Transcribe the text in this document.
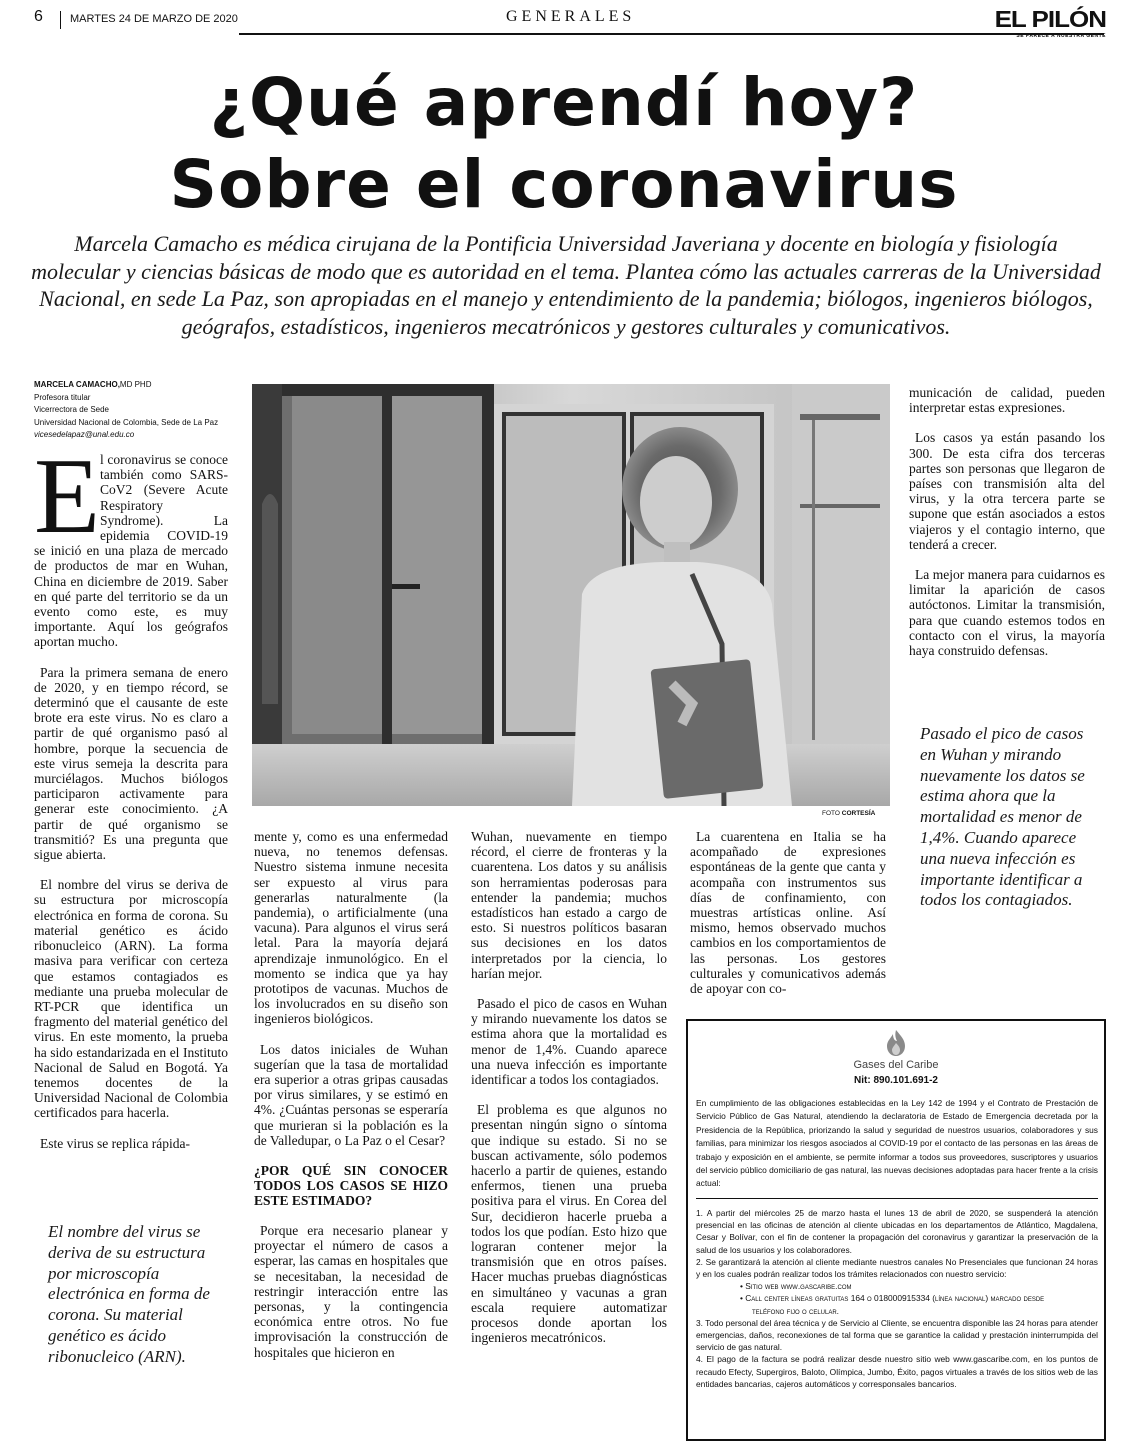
6 MARTES 24 DE MARZO DE 2020	GENERALES	EL PILÓN
SE PARECE A NUESTRA GENTE
¿Qué aprendí hoy?
Sobre el coronavirus
Marcela Camacho es médica cirujana de la Pontificia Universidad Javeriana y docente en biología y fisiología molecular y ciencias básicas de modo que es autoridad en el tema. Plantea cómo las actuales carreras de la Universidad Nacional, en sede La Paz, son apropiadas en el manejo y entendimiento de la pandemia; biólogos, ingenieros biólogos, geógrafos, estadísticos, ingenieros mecatrónicos y gestores culturales y comunicativos.
MARCELA CAMACHO,MD PHD
Profesora titular
Vicerrectora de Sede
Universidad Nacional de Colombia, Sede de La Paz
vicesedelapaz@unal.edu.co

El coronavirus se conoce también como SARS-CoV2 (Severe Acute Respiratory Syndrome). La epidemia COVID-19 se inició en una plaza de mercado de productos de mar en Wuhan, China en diciembre de 2019. Saber en qué parte del territorio se da un evento como este, es muy importante. Aquí los geógrafos aportan mucho.

Para la primera semana de enero de 2020, y en tiempo récord, se determinó que el causante de este brote era este virus. No es claro a partir de qué organismo pasó al hombre, porque la secuencia de este virus semeja la descrita para murciélagos. Muchos biólogos participaron activamente para generar este conocimiento. ¿A partir de qué organismo se transmitió? Es una pregunta que sigue abierta.

El nombre del virus se deriva de su estructura por microscopía electrónica en forma de corona. Su material genético es ácido ribonucleico (ARN). La forma masiva para verificar con certeza que estamos contagiados es mediante una prueba molecular de RT-PCR que identifica un fragmento del material genético del virus. En este momento, la prueba ha sido estandarizada en el Instituto Nacional de Salud en Bogotá. Ya tenemos docentes de la Universidad Nacional de Colombia certificados para hacerla.

Este virus se replica rápida-

El nombre del virus se deriva de su estructura por microscopía electrónica en forma de corona. Su material genético es ácido ribonucleico (ARN).
FOTO CORTESÍA

mente y, como es una enfermedad nueva, no tenemos defensas. Nuestro sistema inmune necesita ser expuesto al virus para generarlas naturalmente (la pandemia), o artificialmente (una vacuna). Para algunos el virus será letal. Para la mayoría dejará aprendizaje inmunológico. En el momento se indica que ya hay prototipos de vacunas. Muchos de los involucrados en su diseño son ingenieros biológicos.

Los datos iniciales de Wuhan sugerían que la tasa de mortalidad era superior a otras gripas causadas por virus similares, y se estimó en 4%. ¿Cuántas personas se esperaría que murieran si la población es la de Valledupar, o La Paz o el Cesar?

¿POR QUÉ SIN CONOCER TODOS LOS CASOS SE HIZO ESTE ESTIMADO?

Porque era necesario planear y proyectar el número de casos a esperar, las camas en hospitales que se necesitaban, la necesidad de restringir interacción entre las personas, y la contingencia económica entre otros. No fue improvisación la construcción de hospitales que hicieron en

Wuhan, nuevamente en tiempo récord, el cierre de fronteras y la cuarentena. Los datos y su análisis son herramientas poderosas para entender la pandemia; muchos estadísticos han estado a cargo de esto. Si nuestros políticos basaran sus decisiones en los datos interpretados por la ciencia, lo harían mejor.

Pasado el pico de casos en Wuhan y mirando nuevamente los datos se estima ahora que la mortalidad es menor de 1,4%. Cuando aparece una nueva infección es importante identificar a todos los contagiados.

El problema es que algunos no presentan ningún signo o síntoma que indique su estado. Si no se buscan activamente, sólo podemos hacerlo a partir de quienes, estando enfermos, tienen una prueba positiva para el virus. En Corea del Sur, decidieron hacerle prueba a todos los que podían. Esto hizo que lograran contener mejor la transmisión que en otros países. Hacer muchas pruebas diagnósticas en simultáneo y vacunas a gran escala requiere automatizar procesos donde aportan los ingenieros mecatrónicos.

La cuarentena en Italia se ha acompañado de expresiones espontáneas de la gente que canta y acompaña con instrumentos sus días de confinamiento, con muestras artísticas online. Así mismo, hemos observado muchos cambios en los comportamientos de las personas. Los gestores culturales y comunicativos además de apoyar con co-

municación de calidad, pueden interpretar estas expresiones.

Los casos ya están pasando los 300. De esta cifra dos terceras partes son personas que llegaron de países con transmisión alta del virus, y la otra tercera parte se supone que están asociados a estos viajeros y el contagio interno, que tenderá a crecer.

La mejor manera para cuidarnos es limitar la aparición de casos autóctonos. Limitar la transmisión, para que cuando estemos todos en contacto con el virus, la mayoría haya construido defensas.

Pasado el pico de casos en Wuhan y mirando nuevamente los datos se estima ahora que la mortalidad es menor de 1,4%. Cuando aparece una nueva infección es importante identificar a todos los contagiados.
Gases del Caribe
Nit: 890.101.691-2
En cumplimiento de las obligaciones establecidas en la Ley 142 de 1994 y el Contrato de Prestación de Servicio Público de Gas Natural, atendiendo la declaratoria de Estado de Emergencia decretada por la Presidencia de la República, priorizando la salud y seguridad de nuestros usuarios, colaboradores y sus familias, para minimizar los riesgos asociados al COVID-19 por el contacto de las personas en las áreas de trabajo y exposición en el ambiente, se permite informar a todos sus proveedores, suscriptores y usuarios del servicio público domiciliario de gas natural, las nuevas decisiones adoptadas para hacer frente a la crisis actual:

1. A partir del miércoles 25 de marzo hasta el lunes 13 de abril de 2020, se suspenderá la atención presencial en las oficinas de atención al cliente ubicadas en los departamentos de Atlántico, Magdalena, Cesar y Bolívar, con el fin de contener la propagación del coronavirus y garantizar la preservación de la salud de los usuarios y los colaboradores.

2. Se garantizará la atención al cliente mediante nuestros canales No Presenciales que funcionan 24 horas y en los cuales podrán realizar todos los trámites relacionados con nuestro servicio:

• Sitio web www.gascaribe.com

• Call center líneas gratuitas 164 o 018000915334 (línea nacional) marcado desde

teléfono fijo o celular.

3. Todo personal del área técnica y de Servicio al Cliente, se encuentra disponible las 24 horas para atender emergencias, daños, reconexiones de tal forma que se garantice la calidad y prestación ininterrumpida del servicio de gas natural.

4. El pago de la factura se podrá realizar desde nuestro sitio web www.gascaribe.com, en los puntos de recaudo Efecty, Supergiros, Baloto, Olímpica, Jumbo, Éxito, pagos virtuales a través de los sitios web de las entidades bancarias, cajeros automáticos y corresponsales bancarios.
